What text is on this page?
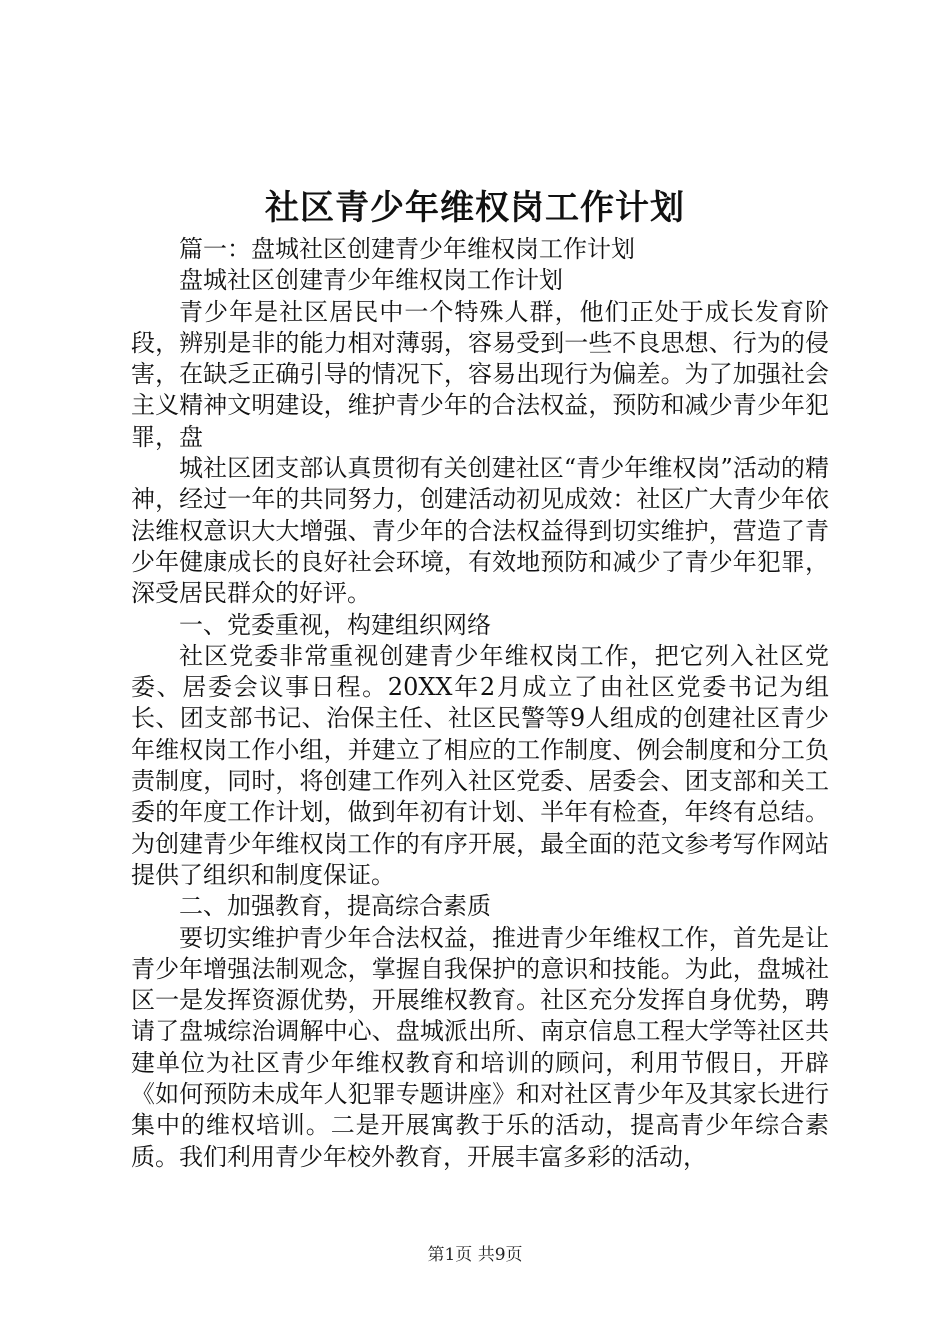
社区青少年维权岗工作计划

篇一：盘城社区创建青少年维权岗工作计划

盘城社区创建青少年维权岗工作计划

青少年是社区居民中一个特殊人群，他们正处于成长发育阶段，辨别是非的能力相对薄弱，容易受到一些不良思想、行为的侵害，在缺乏正确引导的情况下，容易出现行为偏差。为了加强社会主义精神文明建设，维护青少年的合法权益，预防和减少青少年犯罪，盘

城社区团支部认真贯彻有关创建社区“青少年维权岗”活动的精神，经过一年的共同努力，创建活动初见成效：社区广大青少年依法维权意识大大增强、青少年的合法权益得到切实维护，营造了青少年健康成长的良好社会环境，有效地预防和减少了青少年犯罪，深受居民群众的好评。

一、党委重视，构建组织网络

社区党委非常重视创建青少年维权岗工作，把它列入社区党委、居委会议事日程。20XX年2月成立了由社区党委书记为组长、团支部书记、治保主任、社区民警等9人组成的创建社区青少年维权岗工作小组，并建立了相应的工作制度、例会制度和分工负责制度，同时，将创建工作列入社区党委、居委会、团支部和关工委的年度工作计划，做到年初有计划、半年有检查，年终有总结。为创建青少年维权岗工作的有序开展，最全面的范文参考写作网站提供了组织和制度保证。

二、加强教育，提高综合素质

要切实维护青少年合法权益，推进青少年维权工作，首先是让青少年增强法制观念，掌握自我保护的意识和技能。为此，盘城社区一是发挥资源优势，开展维权教育。社区充分发挥自身优势，聘请了盘城综治调解中心、盘城派出所、南京信息工程大学等社区共建单位为社区青少年维权教育和培训的顾问，利用节假日，开辟《如何预防未成年人犯罪专题讲座》和对社区青少年及其家长进行集中的维权培训。二是开展寓教于乐的活动，提高青少年综合素质。我们利用青少年校外教育，开展丰富多彩的活动，

第1页 共9页
